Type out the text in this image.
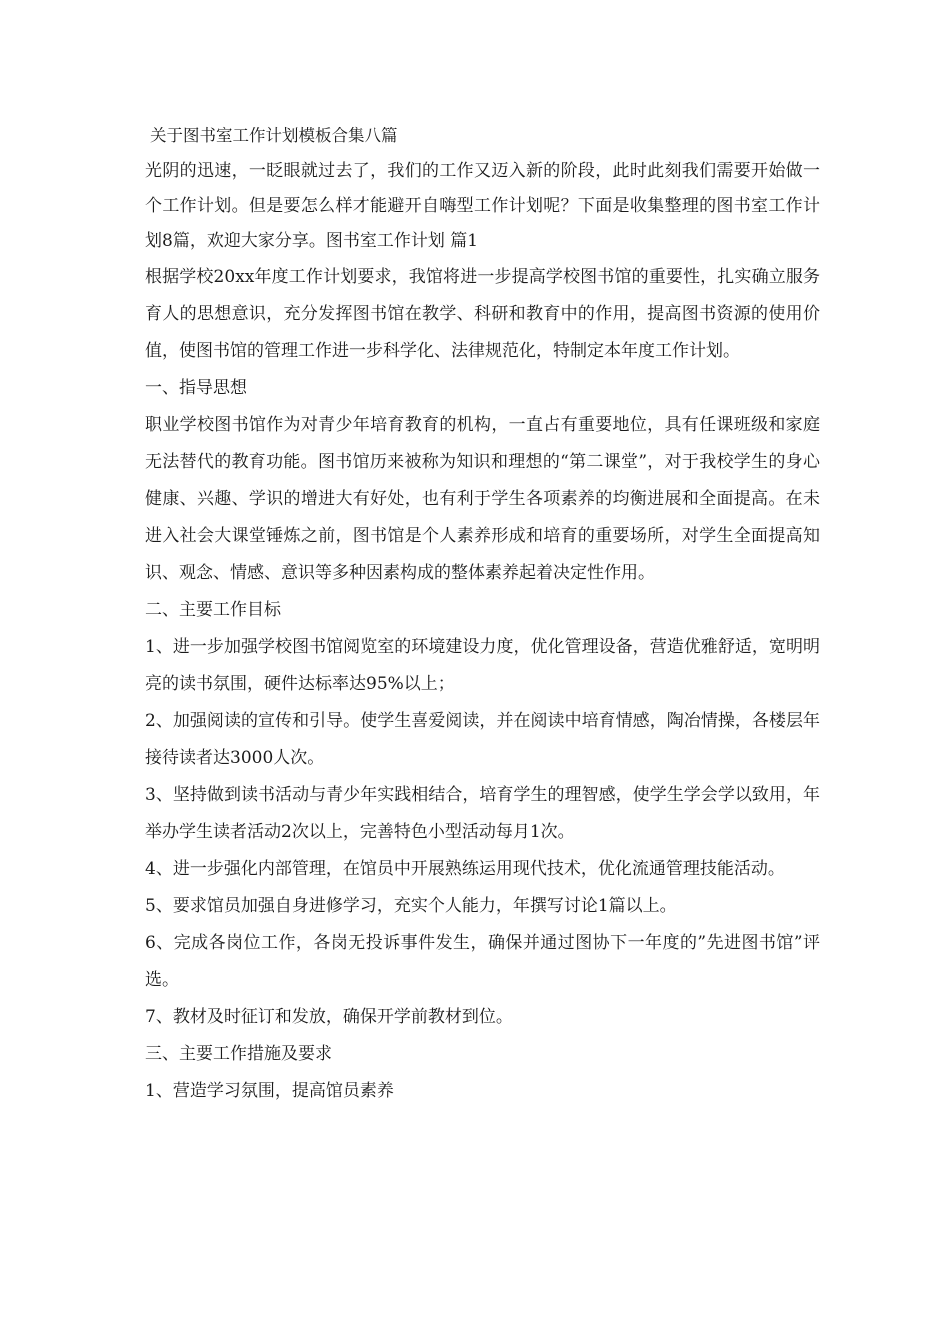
关于图书室工作计划模板合集八篇

光阴的迅速，一眨眼就过去了，我们的工作又迈入新的阶段，此时此刻我们需要开始做一个工作计划。但是要怎么样才能避开自嗨型工作计划呢？下面是收集整理的图书室工作计划8篇，欢迎大家分享。图书室工作计划 篇1

根据学校20xx年度工作计划要求，我馆将进一步提高学校图书馆的重要性，扎实确立服务育人的思想意识，充分发挥图书馆在教学、科研和教育中的作用，提高图书资源的使用价值，使图书馆的管理工作进一步科学化、法律规范化，特制定本年度工作计划。

一、指导思想

职业学校图书馆作为对青少年培育教育的机构，一直占有重要地位，具有任课班级和家庭无法替代的教育功能。图书馆历来被称为知识和理想的“第二课堂”，对于我校学生的身心健康、兴趣、学识的增进大有好处，也有利于学生各项素养的均衡进展和全面提高。在未进入社会大课堂锤炼之前，图书馆是个人素养形成和培育的重要场所，对学生全面提高知识、观念、情感、意识等多种因素构成的整体素养起着决定性作用。

二、主要工作目标

1、进一步加强学校图书馆阅览室的环境建设力度，优化管理设备，营造优雅舒适，宽明明亮的读书氛围，硬件达标率达95%以上；

2、加强阅读的宣传和引导。使学生喜爱阅读，并在阅读中培育情感，陶冶情操，各楼层年接待读者达3000人次。

3、坚持做到读书活动与青少年实践相结合，培育学生的理智感，使学生学会学以致用，年举办学生读者活动2次以上，完善特色小型活动每月1次。

4、进一步强化内部管理，在馆员中开展熟练运用现代技术，优化流通管理技能活动。

5、要求馆员加强自身进修学习，充实个人能力，年撰写讨论1篇以上。

6、完成各岗位工作，各岗无投诉事件发生，确保并通过图协下一年度的”先进图书馆”评选。

7、教材及时征订和发放，确保开学前教材到位。

三、主要工作措施及要求

1、营造学习氛围，提高馆员素养
